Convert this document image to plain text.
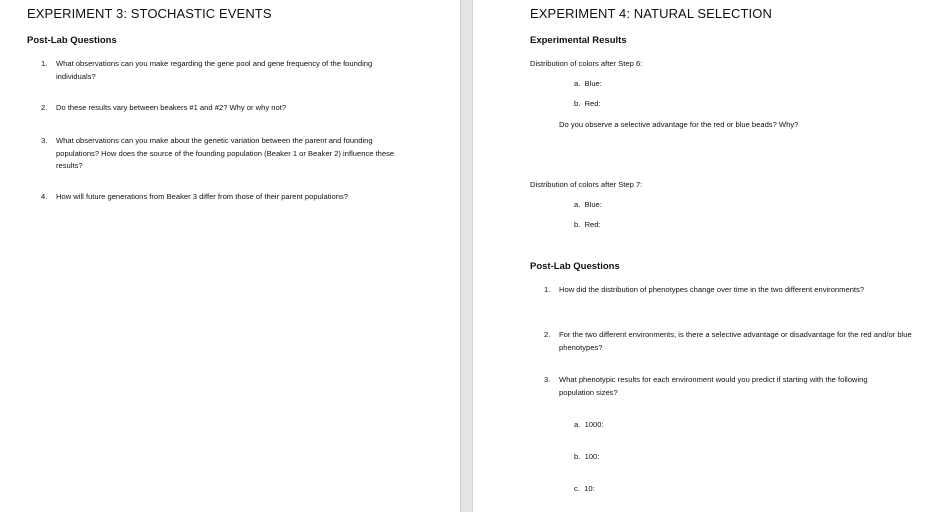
EXPERIMENT 3: STOCHASTIC EVENTS
Post-Lab Questions
1. What observations can you make regarding the gene pool and gene frequency of the founding individuals?
2. Do these results vary between beakers #1 and #2? Why or why not?
3. What observations can you make about the genetic variation between the parent and founding populations? How does the source of the founding population (Beaker 1 or Beaker 2) influence these results?
4. How will future generations from Beaker 3 differ from those of their parent populations?
EXPERIMENT 4: NATURAL SELECTION
Experimental Results
Distribution of colors after Step 6:
a. Blue:
b. Red:
Do you observe a selective advantage for the red or blue beads? Why?
Distribution of colors after Step 7:
a. Blue:
b. Red:
Post-Lab Questions
1. How did the distribution of phenotypes change over time in the two different environments?
2. For the two different environments, is there a selective advantage or disadvantage for the red and/or blue phenotypes?
3. What phenotypic results for each environment would you predict if starting with the following population sizes?
a. 1000:
b. 100:
c. 10:
